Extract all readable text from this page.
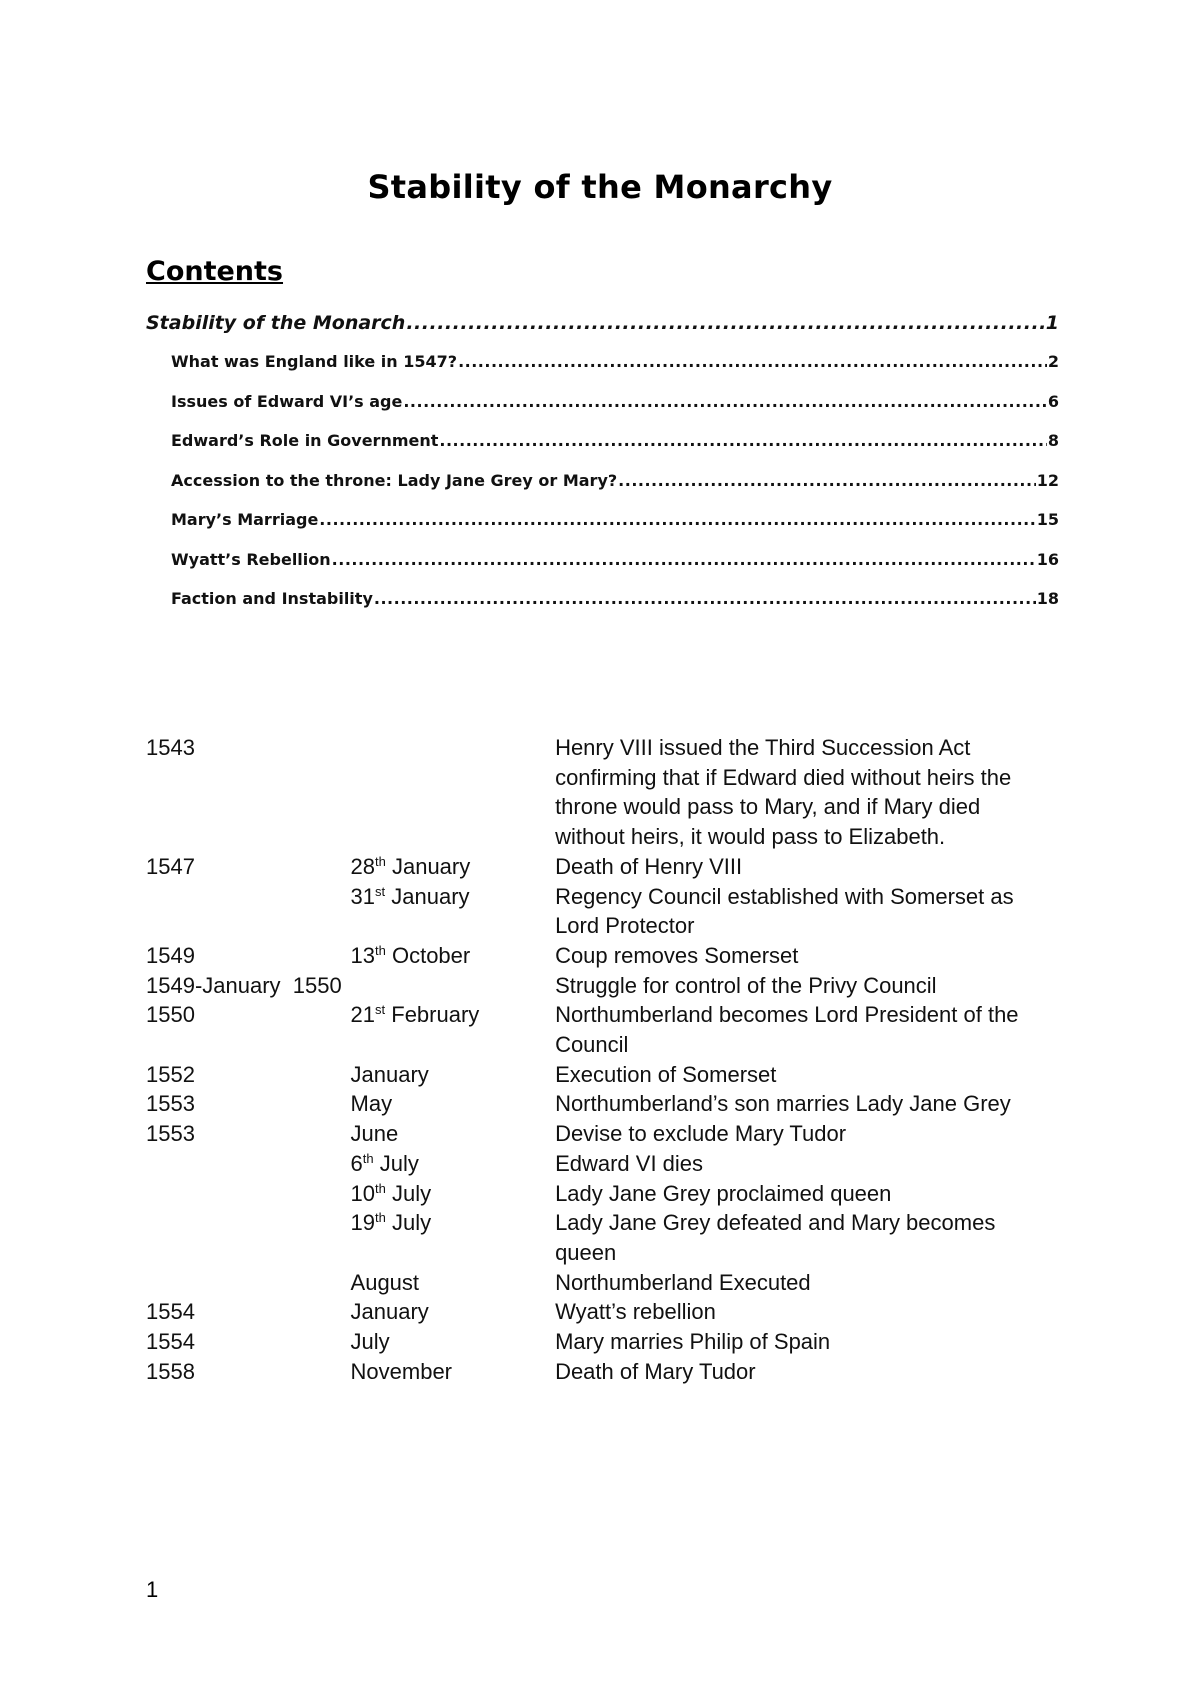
Stability of the Monarchy
Contents
Stability of the Monarch .....	1
What was England like in 1547? .....	2
Issues of Edward VI’s age .....	6
Edward’s Role in Government .....	8
Accession to the throne: Lady Jane Grey or Mary? .....	12
Mary’s Marriage .....	15
Wyatt’s Rebellion .....	16
Faction and Instability .....	18
1543		Henry VIII issued the Third Succession Act confirming that if Edward died without heirs the throne would pass to Mary, and if Mary died without heirs, it would pass to Elizabeth.
1547	28th January	Death of Henry VIII
	31st January	Regency Council established with Somerset as Lord Protector
1549	13th October	Coup removes Somerset
1549-January  1550		Struggle for control of the Privy Council
1550	21st February	Northumberland becomes Lord President of the Council
1552	January	Execution of Somerset
1553	May	Northumberland’s son marries Lady Jane Grey
1553	June	Devise to exclude Mary Tudor
	6th July	Edward VI dies
	10th July	Lady Jane Grey proclaimed queen
	19th July	Lady Jane Grey defeated and Mary becomes queen
	August	Northumberland Executed
1554	January	Wyatt’s rebellion
1554	July	Mary marries Philip of Spain
1558	November	Death of Mary Tudor
1
